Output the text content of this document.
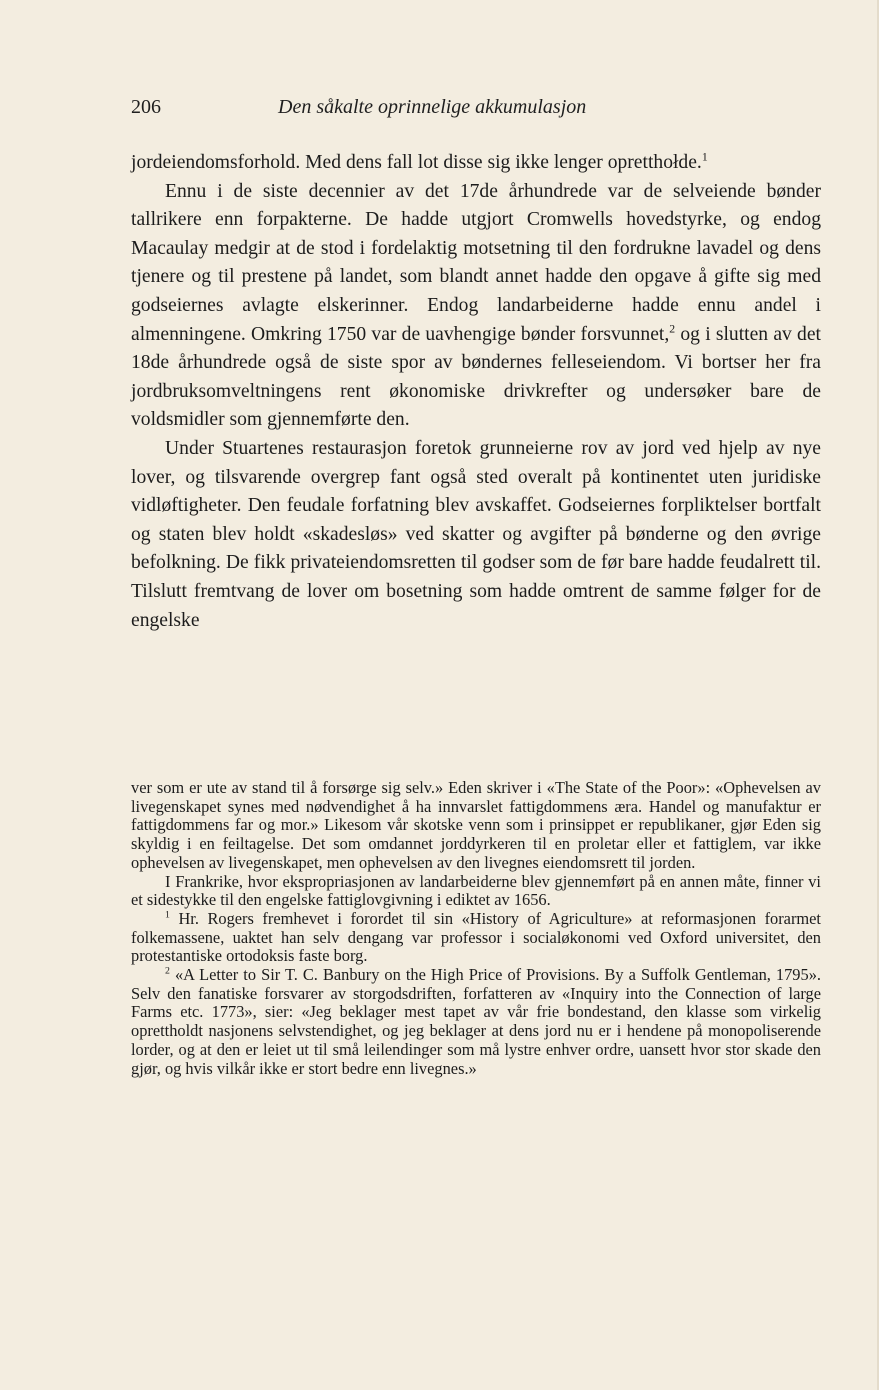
206	Den såkalte oprinnelige akkumulasjon

jordeiendomsforhold. Med dens fall lot disse sig ikke lenger opretthołde.$^1$

Ennu i de siste decennier av det 17de århundrede var de selveiende bønder tallrikere enn forpakterne. De hadde utgjort Cromwells hovedstyrke, og endog Macaulay medgir at de stod i fordelaktig motsetning til den fordrukne lavadel og dens tjenere og til prestene på landet, som blandt annet hadde den opgave å gifte sig med godseiernes avlagte elskerinner. Endog landarbeiderne hadde ennu andel i almenningene. Omkring 1750 var de uavhengige bønder forsvunnet,$^2$ og i slutten av det 18de århundrede også de siste spor av bøndernes felleseiendom. Vi bortser her fra jordbruksomveltningens rent økonomiske drivkrefter og undersøker bare de voldsmidler som gjennemførte den.

Under Stuartenes restaurasjon foretok grunneierne rov av jord ved hjelp av nye lover, og tilsvarende overgrep fant også sted overalt på kontinentet uten juridiske vidløftigheter. Den feudale forfatning blev avskaffet. Godseiernes forpliktelser bortfalt og staten blev holdt «skadesløs» ved skatter og avgifter på bønderne og den øvrige befolkning. De fikk privateiendomsretten til godser som de før bare hadde feudalrett til. Tilslutt fremtvang de lover om bosetning som hadde omtrent de samme følger for de engelske

ver som er ute av stand til å forsørge sig selv.» Eden skriver i «The State of the Poor»: «Ophevelsen av livegenskapet synes med nødvendighet å ha innvarslet fattigdommens æra. Handel og manufaktur er fattigdommens far og mor.» Likesom vår skotske venn som i prinsippet er republikaner, gjør Eden sig skyldig i en feiltagelse. Det som omdannet jorddyrkeren til en proletar eller et fattiglem, var ikke ophevelsen av livegenskapet, men ophevelsen av den livegnes eiendomsrett til jorden.

I Frankrike, hvor ekspropriasjonen av landarbeiderne blev gjennemført på en annen måte, finner vi et sidestykke til den engelske fattiglovgivning i ediktet av 1656.

$^1$ Hr. Rogers fremhevet i forordet til sin «History of Agriculture» at reformasjonen forarmet folkemassene, uaktet han selv dengang var professor i socialøkonomi ved Oxford universitet, den protestantiske ortodoksis faste borg.

$^2$ «A Letter to Sir T. C. Banbury on the High Price of Provisions. By a Suffolk Gentleman, 1795». Selv den fanatiske forsvarer av storgodsdriften, forfatteren av «Inquiry into the Connection of large Farms etc. 1773», sier: «Jeg beklager mest tapet av vår frie bondestand, den klasse som virkelig oprettholdt nasjonens selvstendighet, og jeg beklager at dens jord nu er i hendene på monopoliserende lorder, og at den er leiet ut til små leilendinger som må lystre enhver ordre, uansett hvor stor skade den gjør, og hvis vilkår ikke er stort bedre enn livegnes.»
